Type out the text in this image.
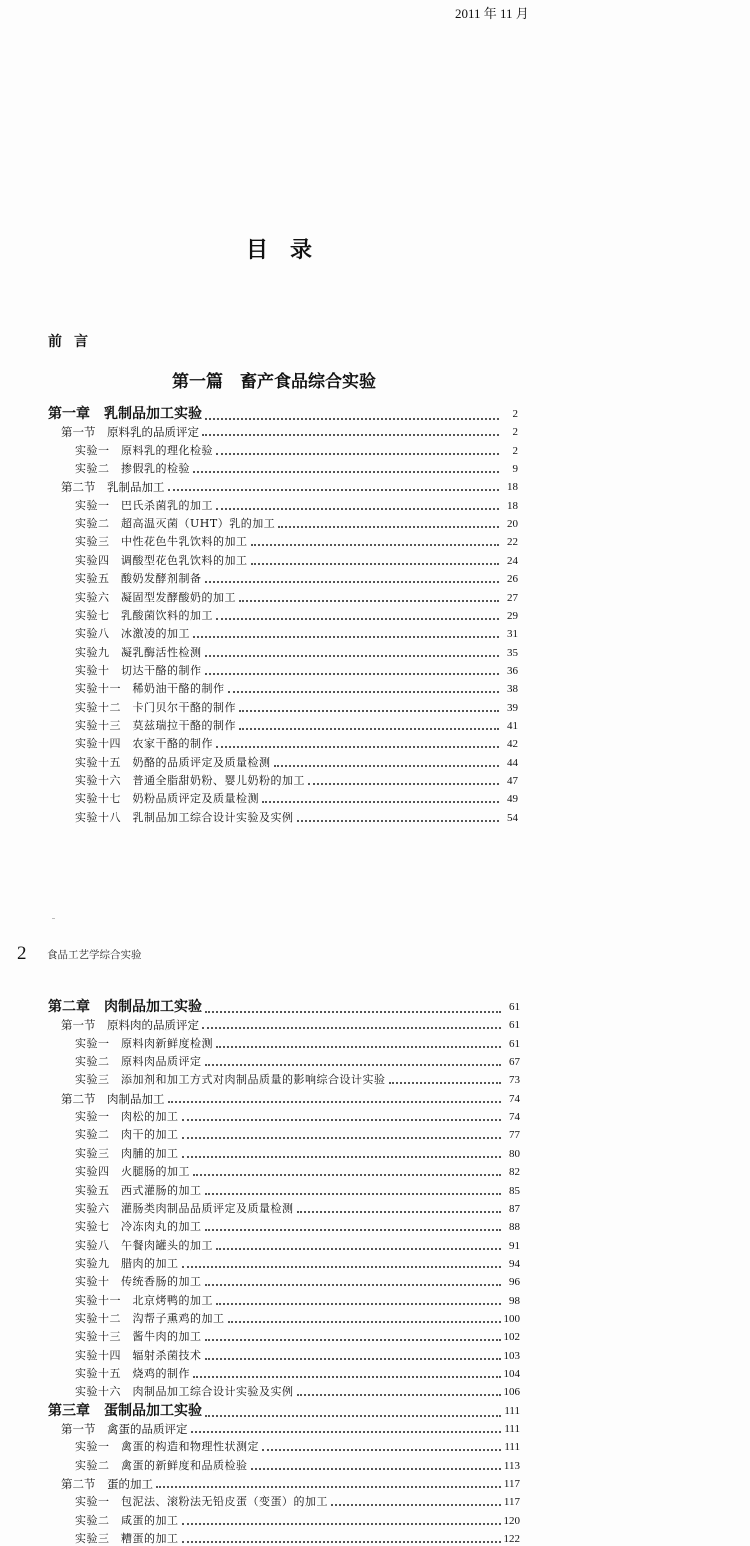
2011 年 11 月
目录
前言
第一篇　畜产食品综合实验
第一章　乳制品加工实验	2
第一节　原料乳的品质评定	2
实验一　原料乳的理化检验	2
实验二　掺假乳的检验	9
第二节　乳制品加工	18
实验一　巴氏杀菌乳的加工	18
实验二　超高温灭菌（UHT）乳的加工	20
实验三　中性花色牛乳饮料的加工	22
实验四　调酸型花色乳饮料的加工	24
实验五　酸奶发酵剂制备	26
实验六　凝固型发酵酸奶的加工	27
实验七　乳酸菌饮料的加工	29
实验八　冰激凌的加工	31
实验九　凝乳酶活性检测	35
实验十　切达干酪的制作	36
实验十一　稀奶油干酪的制作	38
实验十二　卡门贝尔干酪的制作	39
实验十三　莫兹瑞拉干酪的制作	41
实验十四　农家干酪的制作	42
实验十五　奶酪的品质评定及质量检测	44
实验十六　普通全脂甜奶粉、婴儿奶粉的加工	47
实验十七　奶粉品质评定及质量检测	49
实验十八　乳制品加工综合设计实验及实例	54
2 食品工艺学综合实验
第二章　肉制品加工实验	61
第一节　原料肉的品质评定	61
实验一　原料肉新鲜度检测	61
实验二　原料肉品质评定	67
实验三　添加剂和加工方式对肉制品质量的影响综合设计实验	73
第二节　肉制品加工	74
实验一　肉松的加工	74
实验二　肉干的加工	77
实验三　肉脯的加工	80
实验四　火腿肠的加工	82
实验五　西式灌肠的加工	85
实验六　灌肠类肉制品品质评定及质量检测	87
实验七　冷冻肉丸的加工	88
实验八　午餐肉罐头的加工	91
实验九　腊肉的加工	94
实验十　传统香肠的加工	96
实验十一　北京烤鸭的加工	98
实验十二　沟帮子熏鸡的加工	100
实验十三　酱牛肉的加工	102
实验十四　辐射杀菌技术	103
实验十五　烧鸡的制作	104
实验十六　肉制品加工综合设计实验及实例	106
第三章　蛋制品加工实验	111
第一节　禽蛋的品质评定	111
实验一　禽蛋的构造和物理性状测定	111
实验二　禽蛋的新鲜度和品质检验	113
第二节　蛋的加工	117
实验一　包泥法、滚粉法无铅皮蛋（变蛋）的加工	117
实验二　咸蛋的加工	120
实验三　糟蛋的加工	122
